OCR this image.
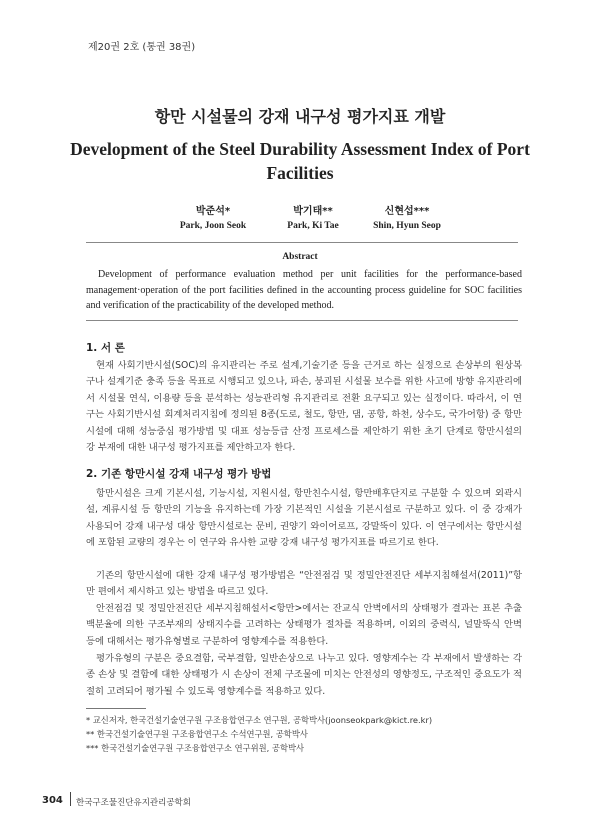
제20권 2호 (통권 38권)
항만 시설물의 강재 내구성 평가지표 개발
Development of the Steel Durability Assessment Index of Port Facilities
박준석*
Park, Joon Seok
박기태**
Park, Ki Tae
신현섭***
Shin, Hyun Seop
Abstract
Development of performance evaluation method per unit facilities for the performance-based management·operation of the port facilities defined in the accounting process guideline for SOC facilities and verification of the practicability of the developed method.
1. 서 론
현재 사회기반시설(SOC)의 유지관리는 주로 설계,기술기준 등을 근거로 하는 실정으로 손상부의 원상복구나 설계기준 충족 등을 목표로 시행되고 있으나, 파손, 붕괴된 시설물 보수를 위한 사고에 방향 유지관리에서 시설물 연식, 이용량 등을 분석하는 성능관리형 유지관리로 전환 요구되고 있는 실정이다. 따라서, 이 연구는 사회기반시설 회계처리지침에 정의된 8종(도로, 철도, 항만, 댐, 공항, 하천, 상수도, 국가어항) 중 항만시설에 대해 성능중심 평가방법 및 대표 성능등급 산정 프로세스를 제안하기 위한 초기 단계로 항만시설의 강 부재에 대한 내구성 평가지표를 제안하고자 한다.
2. 기존 항만시설 강재 내구성 평가 방법
항만시설은 크게 기본시설, 기능시설, 지원시설, 항만친수시설, 항만배후단지로 구분할 수 있으며 외곽시설, 계류시설 등 항만의 기능을 유지하는데 가장 기본적인 시설을 기본시설로 구분하고 있다. 이 중 강재가 사용되어 강재 내구성 대상 항만시설로는 문비, 권양기 와이어로프, 강말뚝이 있다. 이 연구에서는 항만시설에 포함된 교량의 경우는 이 연구와 유사한 교량 강재 내구성 평가지표를 따르기로 한다.
기존의 항만시설에 대한 강재 내구성 평가방법은 “안전점검 및 정밀안전진단 세부지침해설서(2011)”항만 편에서 제시하고 있는 방법을 따르고 있다.
안전점검 및 정밀안전진단 세부지침해설서<항만>에서는 잔교식 안벽에서의 상태평가 결과는 표본 추출 백분율에 의한 구조부재의 상태지수를 고려하는 상태평가 절차를 적용하며, 이외의 중력식, 널말뚝식 안벽 등에 대해서는 평가유형별로 구분하여 영향계수를 적용한다.
평가유형의 구분은 중요결함, 국부결함, 일반손상으로 나누고 있다. 영향계수는 각 부재에서 발생하는 각종 손상 및 결함에 대한 상태평가 시 손상이 전체 구조물에 미치는 안전성의 영향정도, 구조적인 중요도가 적절히 고려되어 평가될 수 있도록 영향계수를 적용하고 있다.
* 교신저자, 한국건설기술연구원 구조융합연구소 연구원, 공학박사(joonseokpark@kict.re.kr)
** 한국건설기술연구원 구조융합연구소 수석연구원, 공학박사
*** 한국건설기술연구원 구조융합연구소 연구위원, 공학박사
304 한국구조물진단유지관리공학회
